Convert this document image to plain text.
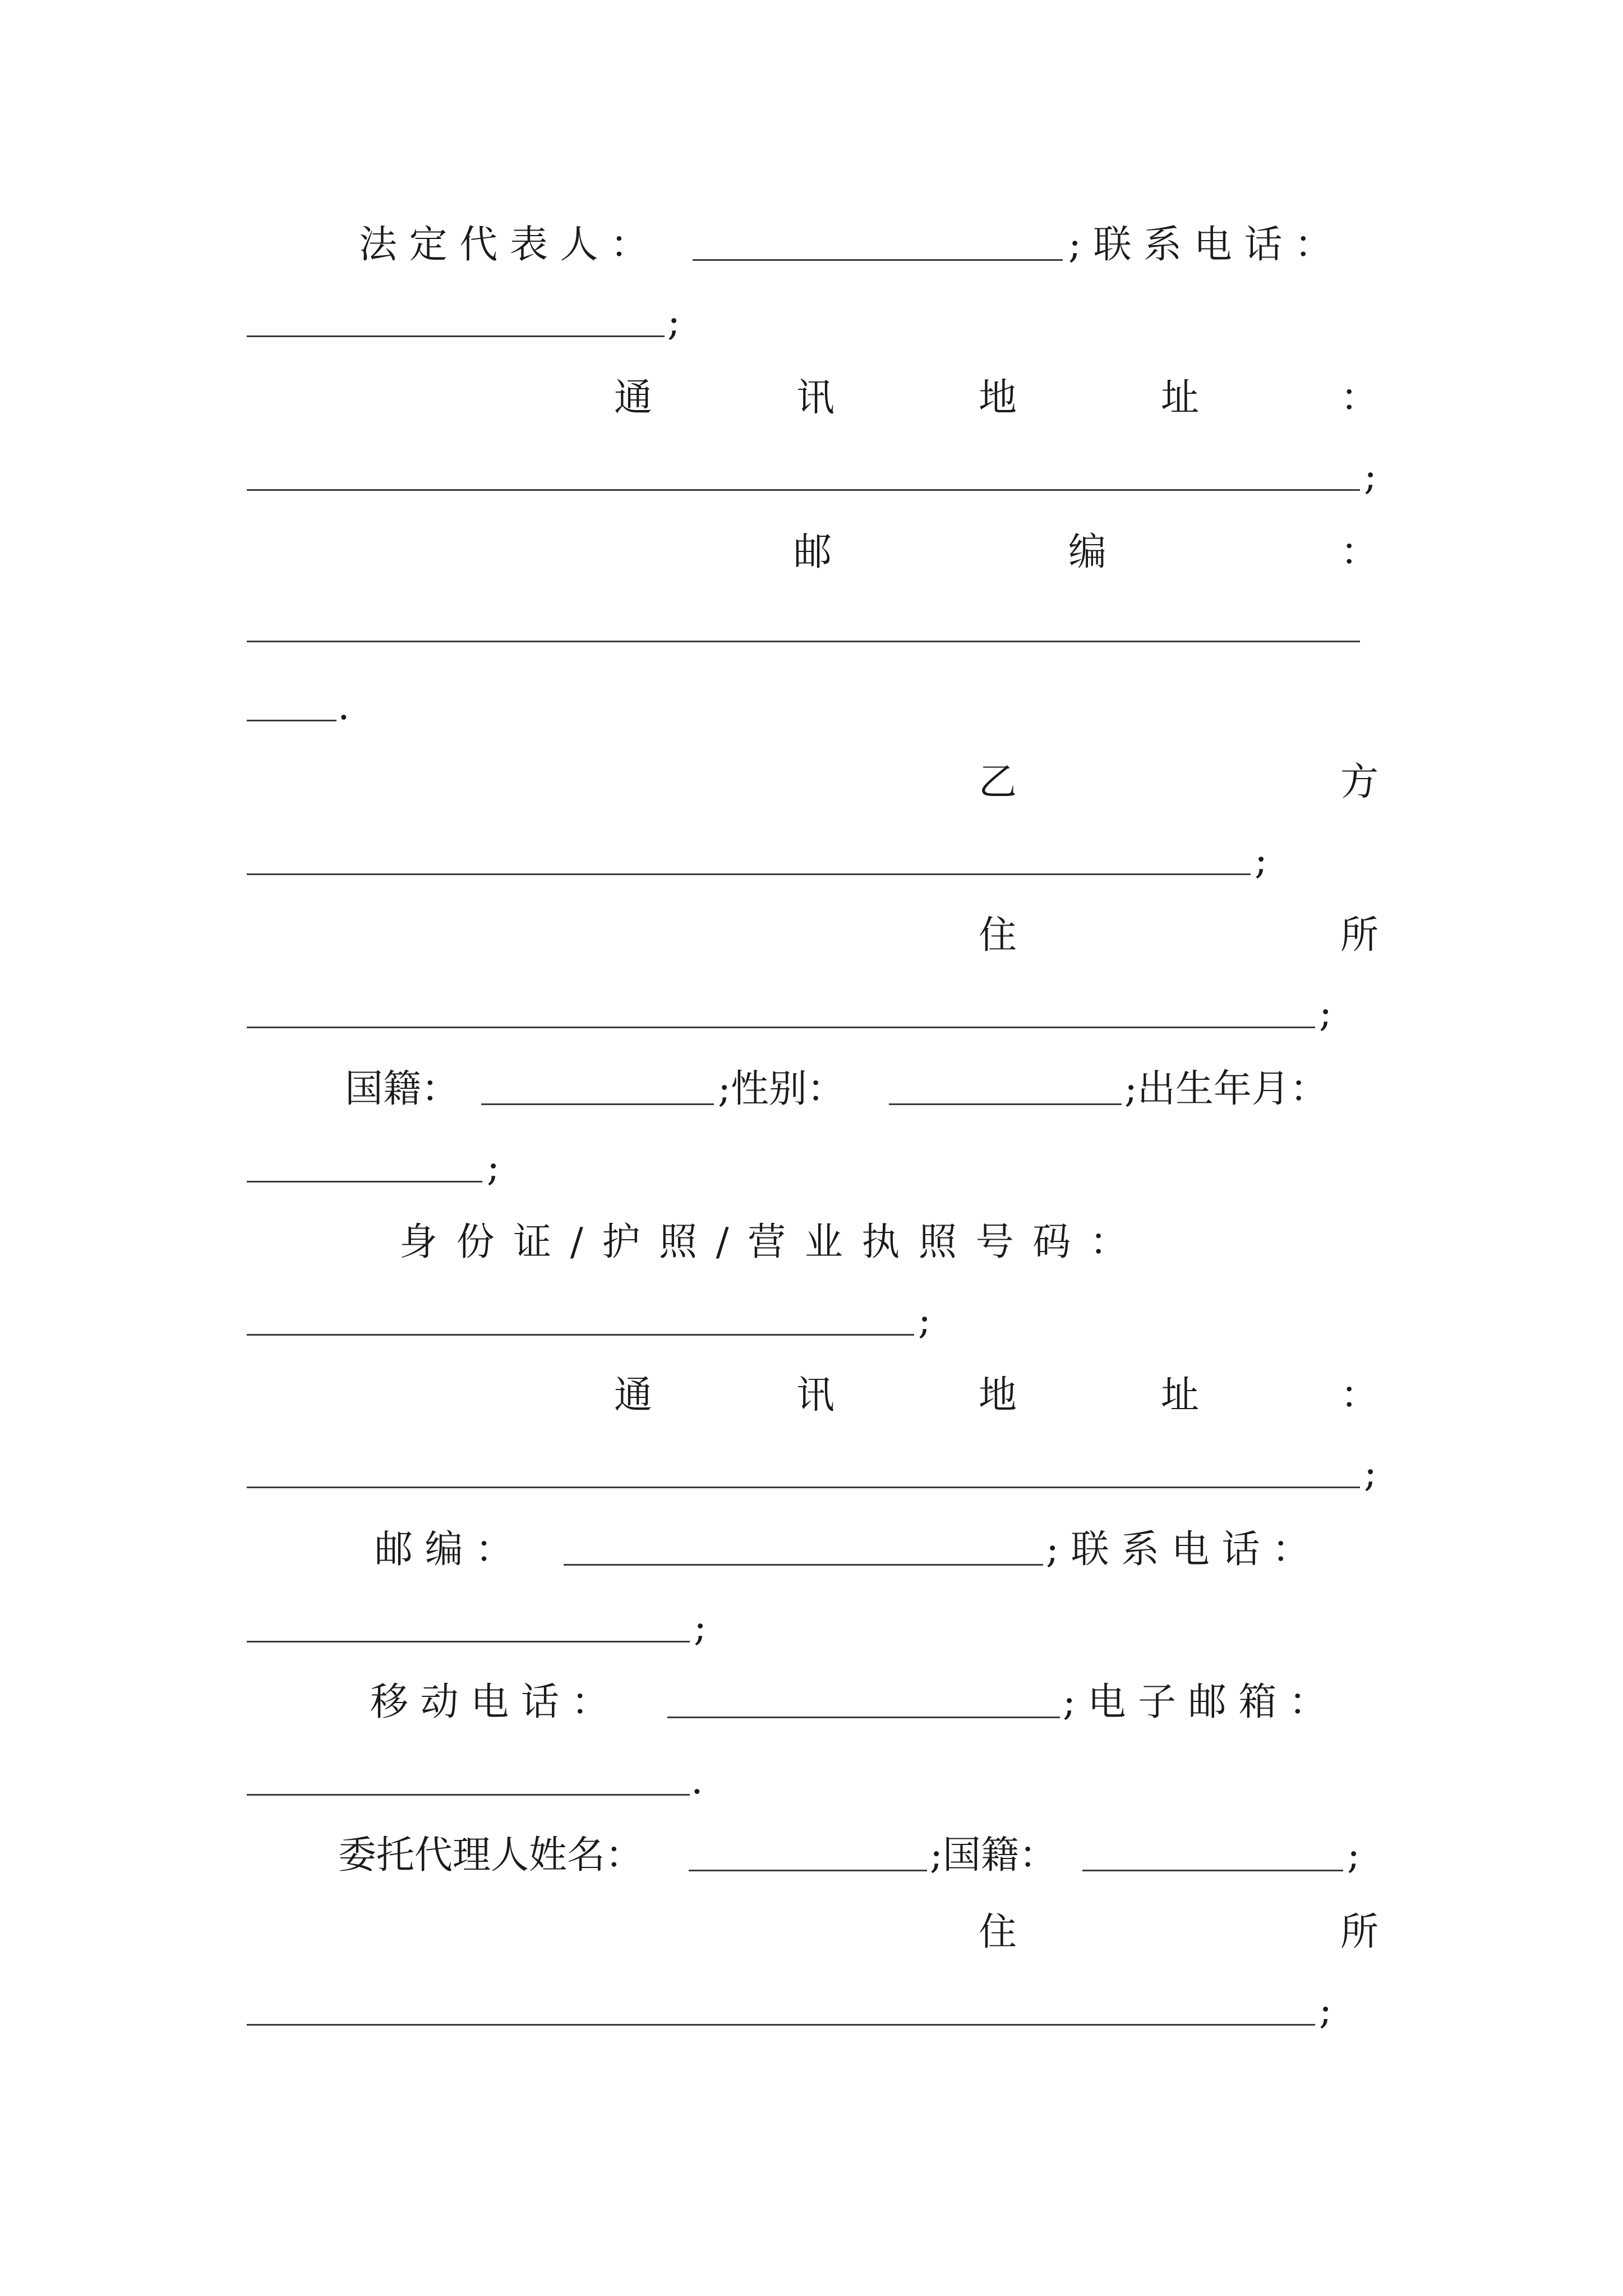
法 定 代 表 人 ：	; 联 系 电 话 ：
;
通	讯	地	址	：
;
邮	编	：
.
乙	方
;
住	所
;
国籍：	;性别：	;出生年月：
;
身 份 证 / 护 照 / 营 业 执 照 号 码 ：
;
通	讯	地	址	：
;
邮 编 ：	; 联 系 电 话 ：
;
移 动 电 话 ：	; 电 子 邮 箱 ：
.
委托代理人姓名：	;国籍：	;
住	所
;
